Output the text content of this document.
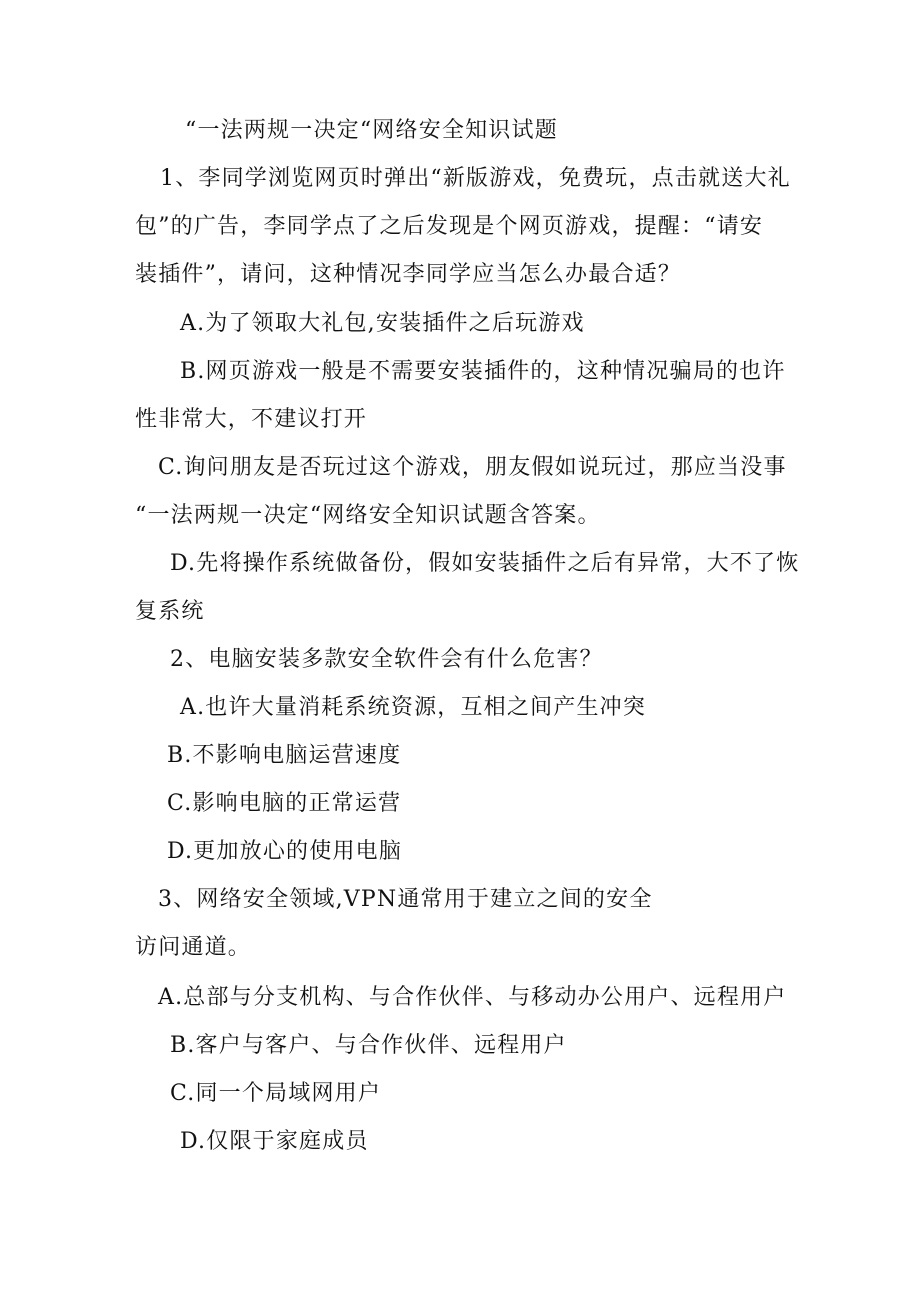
“一法两规一决定“网络安全知识试题
1、李同学浏览网页时弹出“新版游戏，免费玩，点击就送大礼
包”的广告，李同学点了之后发现是个网页游戏，提醒：“请安
装插件”，请问，这种情况李同学应当怎么办最合适？
A.为了领取大礼包,安装插件之后玩游戏
B.网页游戏一般是不需要安装插件的，这种情况骗局的也许
性非常大，不建议打开
C.询问朋友是否玩过这个游戏，朋友假如说玩过，那应当没事
“一法两规一决定“网络安全知识试题含答案。
D.先将操作系统做备份，假如安装插件之后有异常，大不了恢
复系统
2、电脑安装多款安全软件会有什么危害？
A.也许大量消耗系统资源，互相之间产生冲突
B.不影响电脑运营速度
C.影响电脑的正常运营
D.更加放心的使用电脑
3、网络安全领域,VPN通常用于建立之间的安全
访问通道。
A.总部与分支机构、与合作伙伴、与移动办公用户、远程用户
B.客户与客户、与合作伙伴、远程用户
C.同一个局域网用户
D.仅限于家庭成员
